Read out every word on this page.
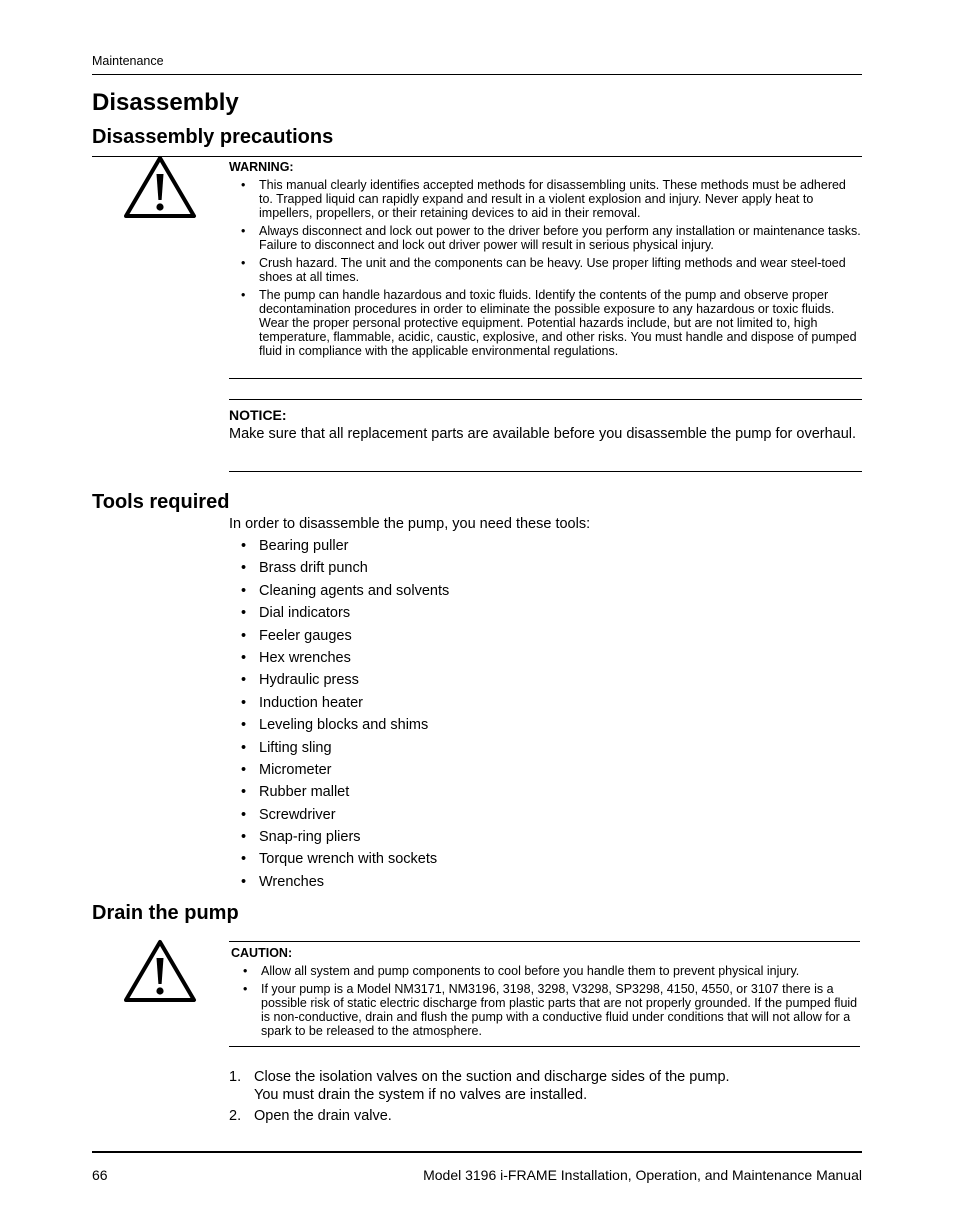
Maintenance
Disassembly
Disassembly precautions
WARNING:
• This manual clearly identifies accepted methods for disassembling units. These methods must be adhered to. Trapped liquid can rapidly expand and result in a violent explosion and injury. Never apply heat to impellers, propellers, or their retaining devices to aid in their removal.
• Always disconnect and lock out power to the driver before you perform any installation or maintenance tasks. Failure to disconnect and lock out driver power will result in serious physical injury.
• Crush hazard. The unit and the components can be heavy. Use proper lifting methods and wear steel-toed shoes at all times.
• The pump can handle hazardous and toxic fluids. Identify the contents of the pump and observe proper decontamination procedures in order to eliminate the possible exposure to any hazardous or toxic fluids. Wear the proper personal protective equipment. Potential hazards include, but are not limited to, high temperature, flammable, acidic, caustic, explosive, and other risks. You must handle and dispose of pumped fluid in compliance with the applicable environmental regulations.
NOTICE:
Make sure that all replacement parts are available before you disassemble the pump for overhaul.
Tools required
In order to disassemble the pump, you need these tools:
• Bearing puller
• Brass drift punch
• Cleaning agents and solvents
• Dial indicators
• Feeler gauges
• Hex wrenches
• Hydraulic press
• Induction heater
• Leveling blocks and shims
• Lifting sling
• Micrometer
• Rubber mallet
• Screwdriver
• Snap-ring pliers
• Torque wrench with sockets
• Wrenches
Drain the pump
CAUTION:
• Allow all system and pump components to cool before you handle them to prevent physical injury.
• If your pump is a Model NM3171, NM3196, 3198, 3298, V3298, SP3298, 4150, 4550, or 3107 there is a possible risk of static electric discharge from plastic parts that are not properly grounded. If the pumped fluid is non-conductive, drain and flush the pump with a conductive fluid under conditions that will not allow for a spark to be released to the atmosphere.
1. Close the isolation valves on the suction and discharge sides of the pump.
You must drain the system if no valves are installed.
2. Open the drain valve.
66	Model 3196 i-FRAME Installation, Operation, and Maintenance Manual
